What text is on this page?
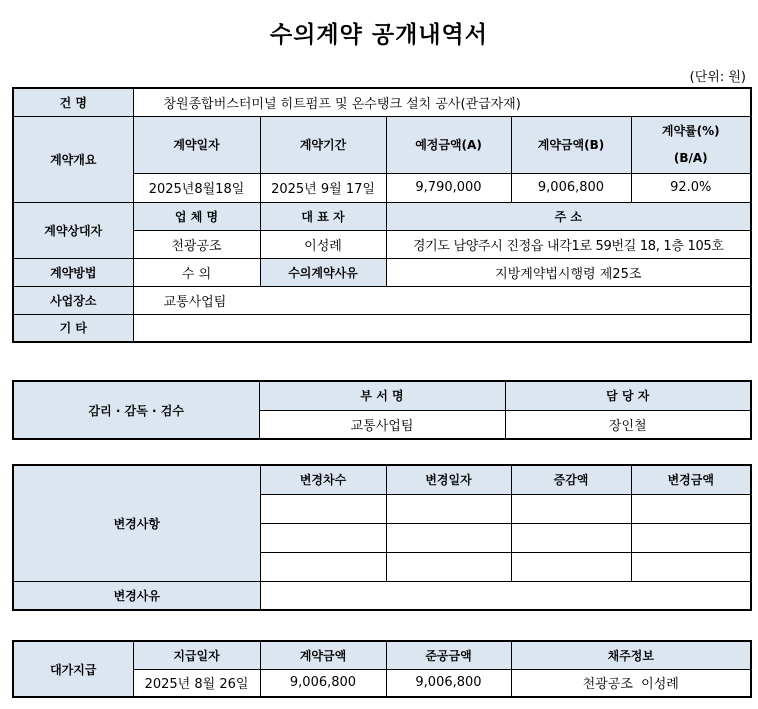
수의계약 공개내역서
(단위: 원)
건 명	창원종합버스터미널 히트펌프 및 온수탱크 설치 공사(관급자재)				
계약개요	계약일자	계약기간	예정금액(A)	계약금액(B)	계약률(%)
(B/A)
	2025년8월18일	2025년 9월 17일	9,790,000	9,006,800	92.0%
계약상대자	업 체 명	대 표 자	주 소		
	천광공조	이성례	경기도 남양주시 진정읍 내각1로 59번길 18, 1층 105호		
계약방법	수 의	수의계약사유	지방계약법시행령 제25조		
사업장소	교통사업팀				
기 타					
감리 · 감독 · 검수	부 서 명	담 당 자
	교통사업팀	장인철
변경사항	변경차수	변경일자	증감액	변경금액

변경사유				
대가지급	지급일자	계약금액	준공금액	채주정보
	2025년 8월 26일	9,006,800	9,006,800	천광공조  이성례
